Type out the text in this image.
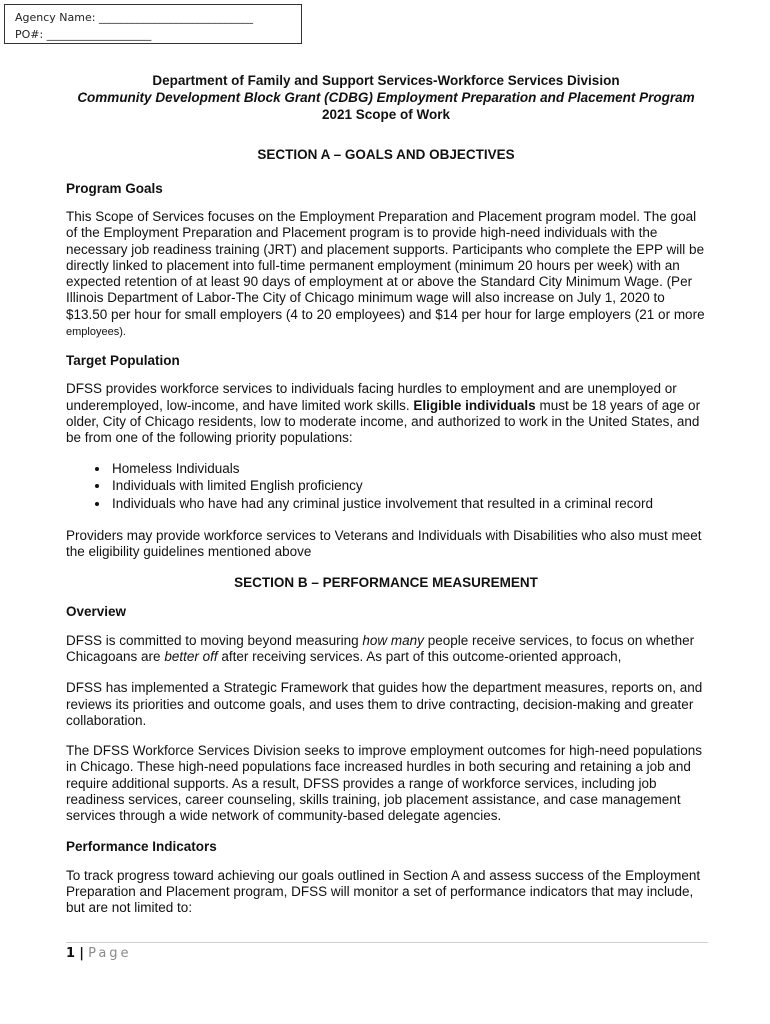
Agency Name: ____________________________
PO#: ___________________
Department of Family and Support Services-Workforce Services Division
Community Development Block Grant (CDBG) Employment Preparation and Placement Program
2021 Scope of Work
SECTION A – GOALS AND OBJECTIVES
Program Goals

This Scope of Services focuses on the Employment Preparation and Placement program model. The goal of the Employment Preparation and Placement program is to provide high-need individuals with the necessary job readiness training (JRT) and placement supports. Participants who complete the EPP will be directly linked to placement into full-time permanent employment (minimum 20 hours per week) with an expected retention of at least 90 days of employment at or above the Standard City Minimum Wage. (Per Illinois Department of Labor-The City of Chicago minimum wage will also increase on July 1, 2020 to $13.50 per hour for small employers (4 to 20 employees) and $14 per hour for large employers (21 or more employees).

Target Population

DFSS provides workforce services to individuals facing hurdles to employment and are unemployed or underemployed, low-income, and have limited work skills. Eligible individuals must be 18 years of age or older, City of Chicago residents, low to moderate income, and authorized to work in the United States, and be from one of the following priority populations:

• Homeless Individuals
• Individuals with limited English proficiency
• Individuals who have had any criminal justice involvement that resulted in a criminal record

Providers may provide workforce services to Veterans and Individuals with Disabilities who also must meet the eligibility guidelines mentioned above

SECTION B – PERFORMANCE MEASUREMENT
Overview

DFSS is committed to moving beyond measuring how many people receive services, to focus on whether Chicagoans are better off after receiving services. As part of this outcome-oriented approach,

DFSS has implemented a Strategic Framework that guides how the department measures, reports on, and reviews its priorities and outcome goals, and uses them to drive contracting, decision-making and greater collaboration.

The DFSS Workforce Services Division seeks to improve employment outcomes for high-need populations in Chicago. These high-need populations face increased hurdles in both securing and retaining a job and require additional supports. As a result, DFSS provides a range of workforce services, including job readiness services, career counseling, skills training, job placement assistance, and case management services through a wide network of community-based delegate agencies.

Performance Indicators

To track progress toward achieving our goals outlined in Section A and assess success of the Employment Preparation and Placement program, DFSS will monitor a set of performance indicators that may include, but are not limited to:

1 | Page
